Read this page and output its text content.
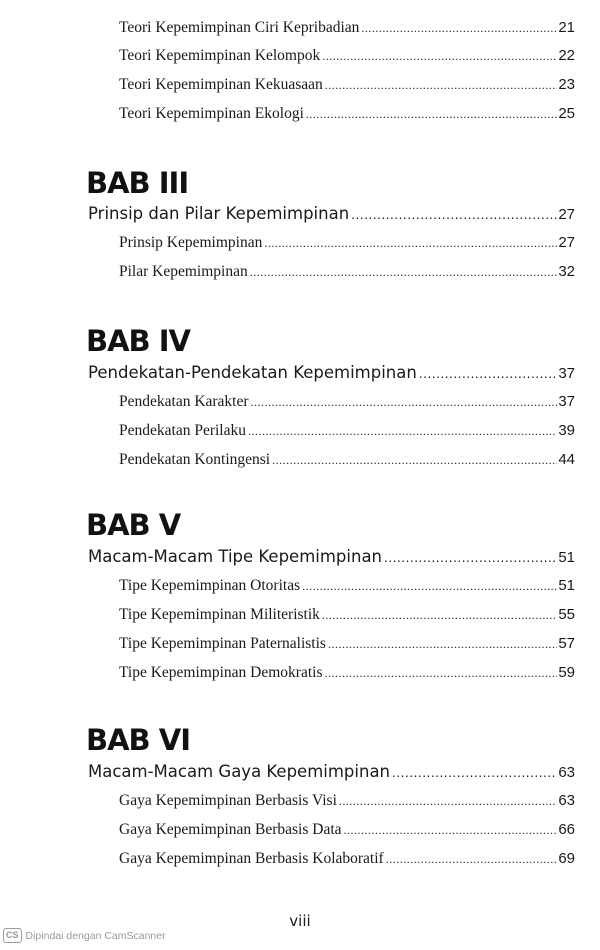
Teori Kepemimpinan Ciri Kepribadian .....	21
Teori Kepemimpinan Kelompok .....	22
Teori Kepemimpinan Kekuasaan .....	23
Teori Kepemimpinan Ekologi .....	25
BAB III
Prinsip dan Pilar Kepemimpinan .....	27
Prinsip Kepemimpinan .....	27
Pilar Kepemimpinan .....	32
BAB IV
Pendekatan-Pendekatan Kepemimpinan .....	37
Pendekatan Karakter .....	37
Pendekatan Perilaku .....	39
Pendekatan Kontingensi .....	44
BAB V
Macam-Macam Tipe Kepemimpinan .....	51
Tipe Kepemimpinan Otoritas .....	51
Tipe Kepemimpinan Militeristik .....	55
Tipe Kepemimpinan Paternalistis .....	57
Tipe Kepemimpinan Demokratis .....	59
BAB VI
Macam-Macam Gaya Kepemimpinan .....	63
Gaya Kepemimpinan Berbasis Visi .....	63
Gaya Kepemimpinan Berbasis Data .....	66
Gaya Kepemimpinan Berbasis Kolaboratif .....	69
viii
CS Dipindai dengan CamScanner
